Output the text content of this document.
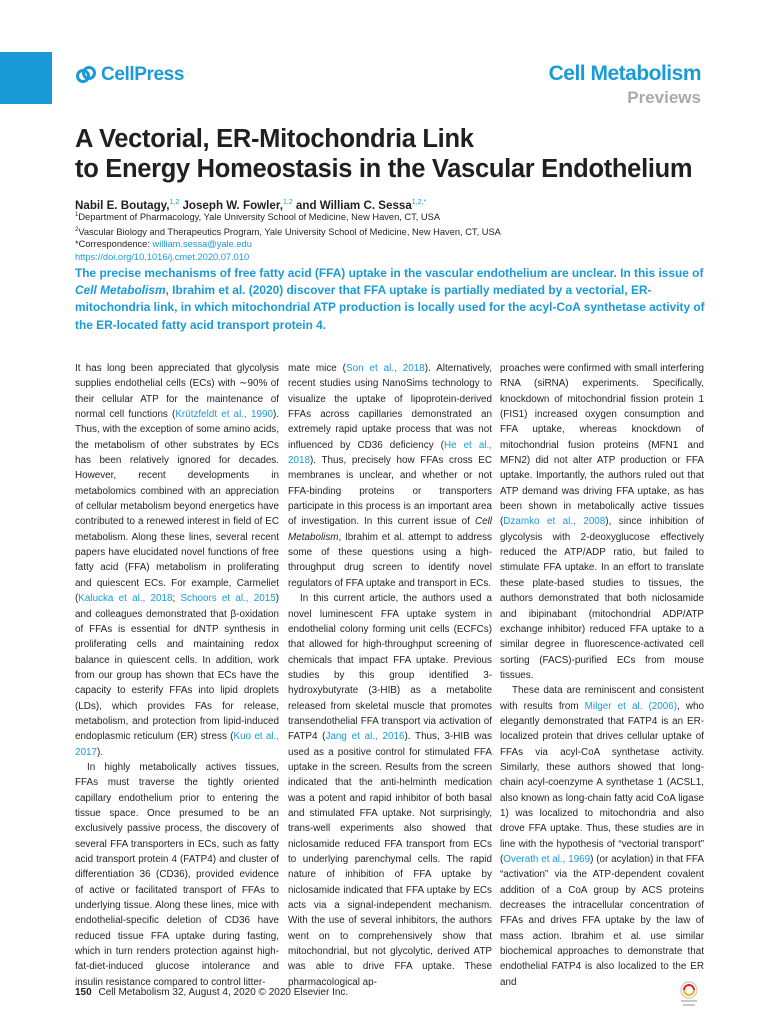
CellPress	Cell Metabolism
Previews
A Vectorial, ER-Mitochondria Link
to Energy Homeostasis in the Vascular Endothelium
Nabil E. Boutagy,$^{1,2}$ Joseph W. Fowler,$^{1,2}$ and William C. Sessa$^{1,2,*}$
$^1$Department of Pharmacology, Yale University School of Medicine, New Haven, CT, USA
$^2$Vascular Biology and Therapeutics Program, Yale University School of Medicine, New Haven, CT, USA
*Correspondence: william.sessa@yale.edu
https://doi.org/10.1016/j.cmet.2020.07.010

The precise mechanisms of free fatty acid (FFA) uptake in the vascular endothelium are unclear. In this issue of Cell Metabolism, Ibrahim et al. (2020) discover that FFA uptake is partially mediated by a vectorial, ER-mitochondria link, in which mitochondrial ATP production is locally used for the acyl-CoA synthetase activity of the ER-located fatty acid transport protein 4.

It has long been appreciated that glycolysis supplies endothelial cells (ECs) with ∼90% of their cellular ATP for the maintenance of normal cell functions (Krützfeldt et al., 1990). Thus, with the exception of some amino acids, the metabolism of other substrates by ECs has been relatively ignored for decades. However, recent developments in metabolomics combined with an appreciation of cellular metabolism beyond energetics have contributed to a renewed interest in field of EC metabolism. Along these lines, several recent papers have elucidated novel functions of free fatty acid (FFA) metabolism in proliferating and quiescent ECs. For example, Carmeliet (Kalucka et al., 2018; Schoors et al., 2015) and colleagues demonstrated that β-oxidation of FFAs is essential for dNTP synthesis in proliferating cells and maintaining redox balance in quiescent cells. In addition, work from our group has shown that ECs have the capacity to esterify FFAs into lipid droplets (LDs), which provides FAs for release, metabolism, and protection from lipid-induced endoplasmic reticulum (ER) stress (Kuo et al., 2017).

In highly metabolically actives tissues, FFAs must traverse the tightly oriented capillary endothelium prior to entering the tissue space. Once presumed to be an exclusively passive process, the discovery of several FFA transporters in ECs, such as fatty acid transport protein 4 (FATP4) and cluster of differentiation 36 (CD36), provided evidence of active or facilitated transport of FFAs to underlying tissue. Along these lines, mice with endothelial-specific deletion of CD36 have reduced tissue FFA uptake during fasting, which in turn renders protection against high-fat-diet-induced glucose intolerance and insulin resistance compared to control litter-

mate mice (Son et al., 2018). Alternatively, recent studies using NanoSims technology to visualize the uptake of lipoprotein-derived FFAs across capillaries demonstrated an extremely rapid uptake process that was not influenced by CD36 deficiency (He et al., 2018). Thus, precisely how FFAs cross EC membranes is unclear, and whether or not FFA-binding proteins or transporters participate in this process is an important area of investigation. In this current issue of Cell Metabolism, Ibrahim et al. attempt to address some of these questions using a high-throughput drug screen to identify novel regulators of FFA uptake and transport in ECs.

In this current article, the authors used a novel luminescent FFA uptake system in endothelial colony forming unit cells (ECFCs) that allowed for high-throughput screening of chemicals that impact FFA uptake. Previous studies by this group identified 3-hydroxybutyrate (3-HIB) as a metabolite released from skeletal muscle that promotes transendothelial FFA transport via activation of FATP4 (Jang et al., 2016). Thus, 3-HIB was used as a positive control for stimulated FFA uptake in the screen. Results from the screen indicated that the anti-helminth medication was a potent and rapid inhibitor of both basal and stimulated FFA uptake. Not surprisingly, trans-well experiments also showed that niclosamide reduced FFA transport from ECs to underlying parenchymal cells. The rapid nature of inhibition of FFA uptake by niclosamide indicated that FFA uptake by ECs acts via a signal-independent mechanism. With the use of several inhibitors, the authors went on to comprehensively show that mitochondrial, but not glycolytic, derived ATP was able to drive FFA uptake. These pharmacological ap-

proaches were confirmed with small interfering RNA (siRNA) experiments. Specifically, knockdown of mitochondrial fission protein 1 (FIS1) increased oxygen consumption and FFA uptake, whereas knockdown of mitochondrial fusion proteins (MFN1 and MFN2) did not alter ATP production or FFA uptake. Importantly, the authors ruled out that ATP demand was driving FFA uptake, as has been shown in metabolically active tissues (Dzamko et al., 2008), since inhibition of glycolysis with 2-deoxyglucose effectively reduced the ATP/ADP ratio, but failed to stimulate FFA uptake. In an effort to translate these plate-based studies to tissues, the authors demonstrated that both niclosamide and ibipinabant (mitochondrial ADP/ATP exchange inhibitor) reduced FFA uptake to a similar degree in fluorescence-activated cell sorting (FACS)-purified ECs from mouse tissues.

These data are reminiscent and consistent with results from Milger et al. (2006), who elegantly demonstrated that FATP4 is an ER-localized protein that drives cellular uptake of FFAs via acyl-CoA synthetase activity. Similarly, these authors showed that long-chain acyl-coenzyme A synthetase 1 (ACSL1, also known as long-chain fatty acid CoA ligase 1) was localized to mitochondria and also drove FFA uptake. Thus, these studies are in line with the hypothesis of “vectorial transport” (Overath et al., 1969) (or acylation) in that FFA “activation” via the ATP-dependent covalent addition of a CoA group by ACS proteins decreases the intracellular concentration of FFAs and drives FFA uptake by the law of mass action. Ibrahim et al. use similar biochemical approaches to demonstrate that endothelial FATP4 is also localized to the ER and

150 Cell Metabolism 32, August 4, 2020 © 2020 Elsevier Inc.
